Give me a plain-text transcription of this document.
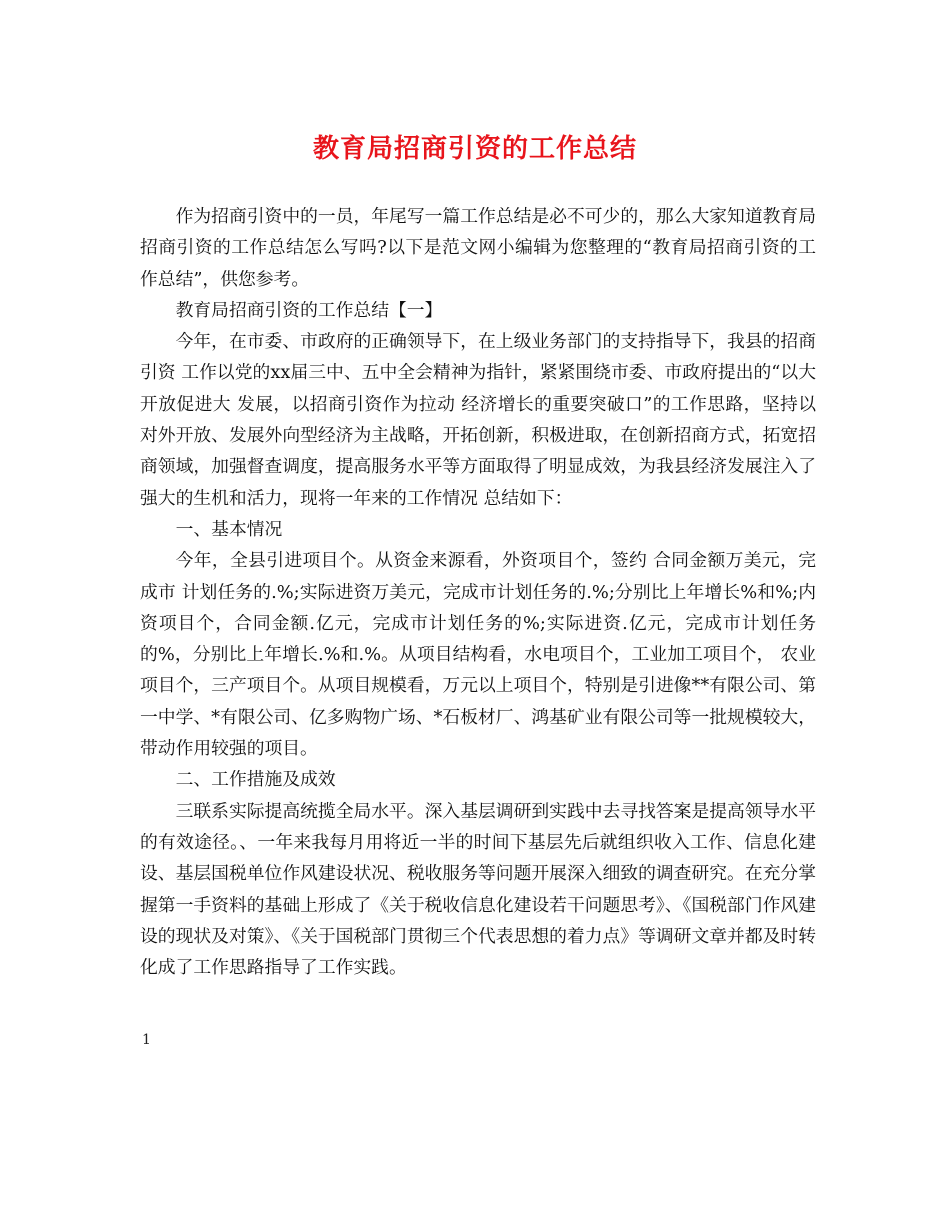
教育局招商引资的工作总结

作为招商引资中的一员，年尾写一篇工作总结是必不可少的，那么大家知道教育局招商引资的工作总结怎么写吗?以下是范文网小编辑为您整理的“教育局招商引资的工作总结”，供您参考。

教育局招商引资的工作总结【一】

今年，在市委、市政府的正确领导下，在上级业务部门的支持指导下，我县的招商引资 工作以党的xx届三中、五中全会精神为指针，紧紧围绕市委、市政府提出的“以大开放促进大 发展，以招商引资作为拉动 经济增长的重要突破口”的工作思路，坚持以对外开放、发展外向型经济为主战略，开拓创新，积极进取，在创新招商方式，拓宽招商领域，加强督查调度，提高服务水平等方面取得了明显成效，为我县经济发展注入了强大的生机和活力，现将一年来的工作情况 总结如下：

一、基本情况

今年，全县引进项目个。从资金来源看，外资项目个，签约 合同金额万美元，完成市 计划任务的.%;实际进资万美元，完成市计划任务的.%;分别比上年增长%和%;内资项目个，合同金额.亿元，完成市计划任务的%;实际进资.亿元，完成市计划任务的%，分别比上年增长.%和.%。从项目结构看，水电项目个，工业加工项目个， 农业项目个，三产项目个。从项目规模看，万元以上项目个，特别是引进像**有限公司、第一中学、*有限公司、亿多购物广场、*石板材厂、鸿基矿业有限公司等一批规模较大，带动作用较强的项目。

二、工作措施及成效

三联系实际提高统揽全局水平。深入基层调研到实践中去寻找答案是提高领导水平的有效途径。、一年来我每月用将近一半的时间下基层先后就组织收入工作、信息化建设、基层国税单位作风建设状况、税收服务等问题开展深入细致的调查研究。在充分掌握第一手资料的基础上形成了《关于税收信息化建设若干问题思考》、《国税部门作风建设的现状及对策》、《关于国税部门贯彻三个代表思想的着力点》等调研文章并都及时转化成了工作思路指导了工作实践。

1
